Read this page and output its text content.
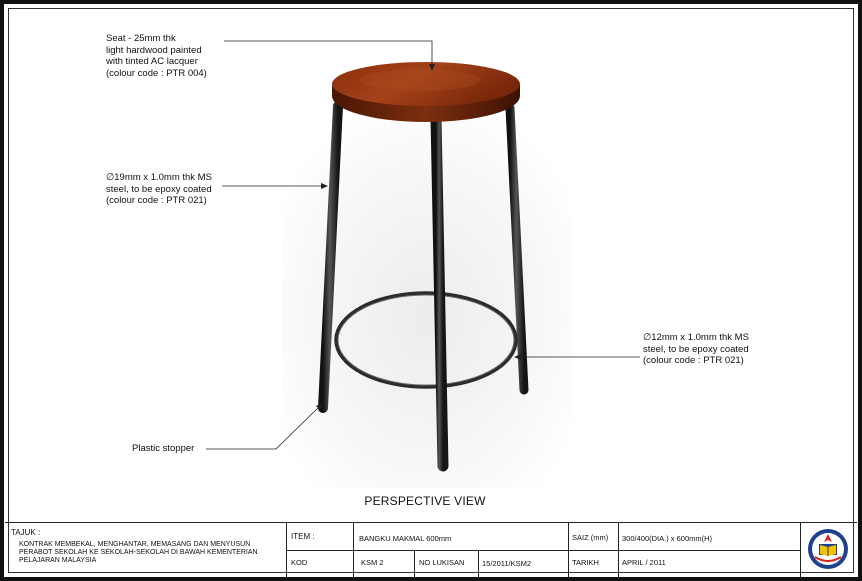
Seat - 25mm thk
light hardwood painted
with tinted AC lacquer
(colour code : PTR 004)
∅19mm x 1.0mm thk MS
steel, to be epoxy coated
(colour code : PTR 021)
∅12mm x 1.0mm thk MS
steel, to be epoxy coated
(colour code : PTR 021)
Plastic stopper
PERSPECTIVE VIEW
TAJUK :
KONTRAK MEMBEKAL, MENGHANTAR, MEMASANG DAN MENYUSUN PERABOT SEKOLAH KE SEKOLAH-SEKOLAH DI BAWAH KEMENTERIAN PELAJARAN MALAYSIA
ITEM :	BANGKU MAKMAL 600mm	SAIZ (mm) 300/400(DIA.) x 600mm(H)
KOD	KSM 2	NO LUKISAN 15/2011/KSM2	TARIKH	APRIL / 2011
